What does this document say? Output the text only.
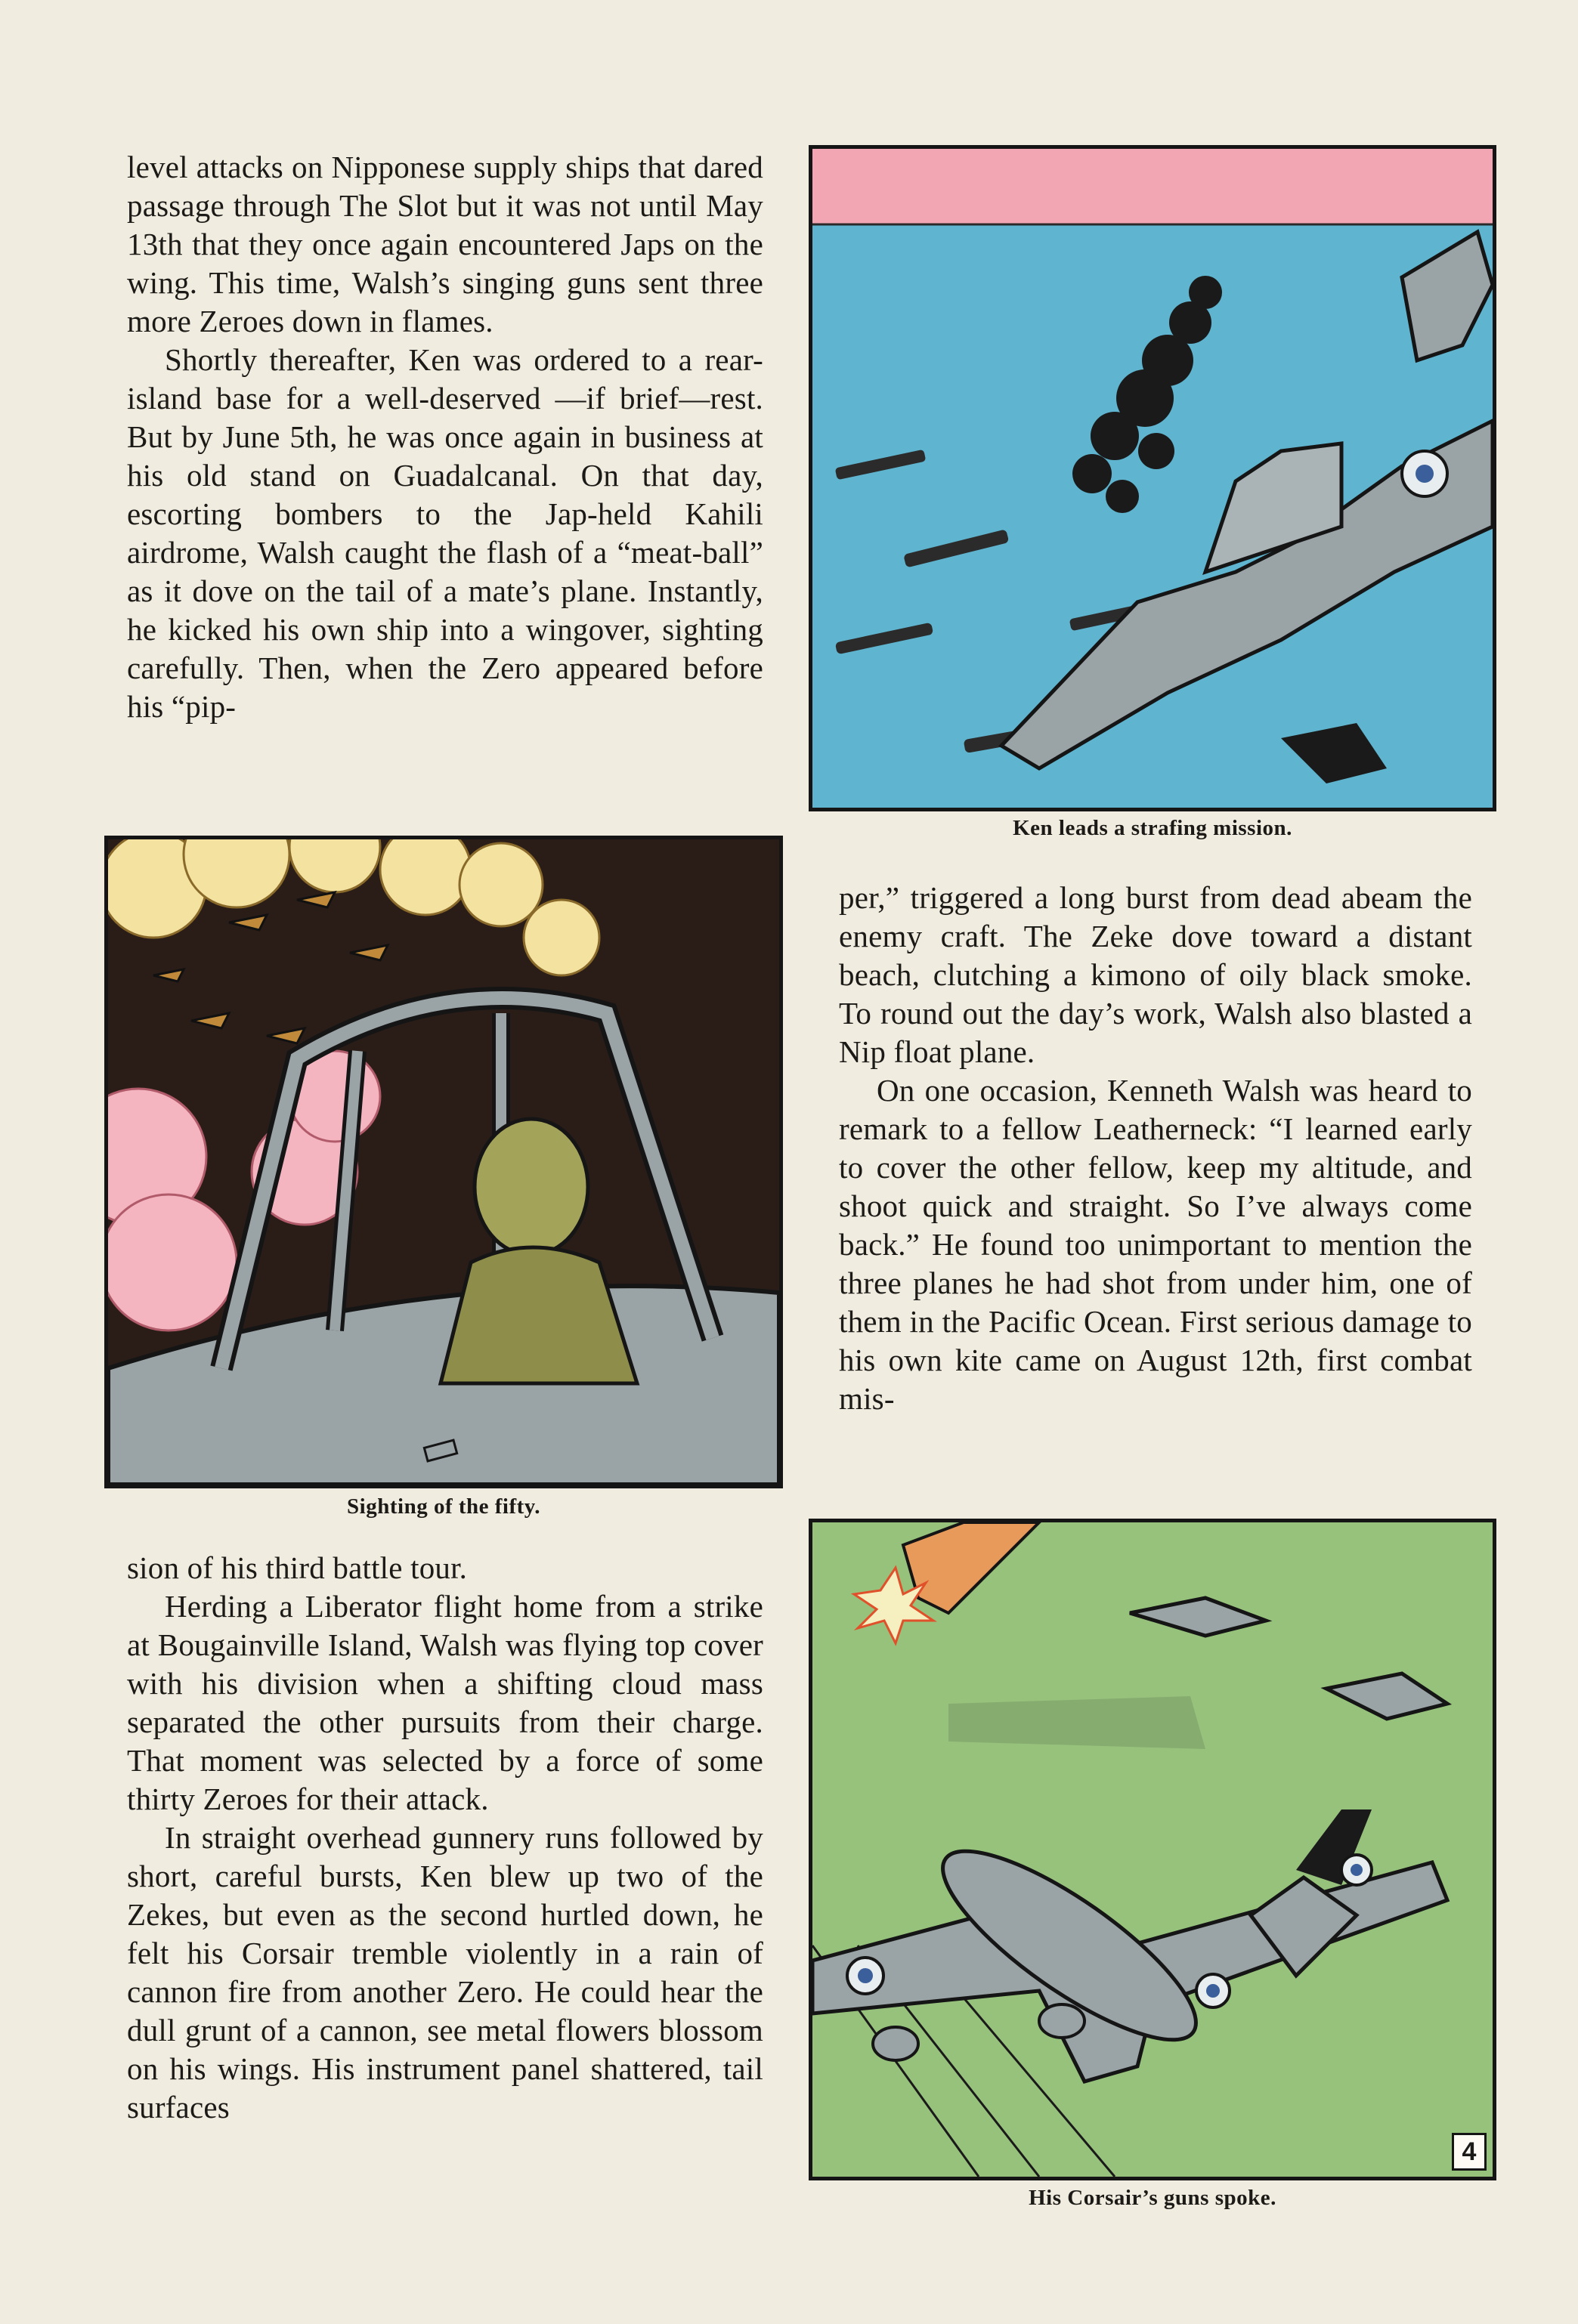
level attacks on Nipponese supply ships that dared passage through The Slot but it was not until May 13th that they once again encountered Japs on the wing. This time, Walsh’s singing guns sent three more Zeroes down in flames.

Shortly thereafter, Ken was ordered to a rear-island base for a well-deserved —if brief—rest. But by June 5th, he was once again in business at his old stand on Guadalcanal. On that day, escorting bombers to the Jap-held Kahili airdrome, Walsh caught the flash of a “meat-ball” as it dove on the tail of a mate’s plane. Instantly, he kicked his own ship into a wingover, sighting carefully. Then, when the Zero appeared before his “pip-

Ken leads a strafing mission.
Sighting of the fifty.

per,” triggered a long burst from dead abeam the enemy craft. The Zeke dove toward a distant beach, clutching a kimono of oily black smoke. To round out the day’s work, Walsh also blasted a Nip float plane.

On one occasion, Kenneth Walsh was heard to remark to a fellow Leatherneck: “I learned early to cover the other fellow, keep my altitude, and shoot quick and straight. So I’ve always come back.” He found too unimportant to mention the three planes he had shot from under him, one of them in the Pacific Ocean. First serious damage to his own kite came on August 12th, first combat mis-

sion of his third battle tour.

Herding a Liberator flight home from a strike at Bougainville Island, Walsh was flying top cover with his division when a shifting cloud mass separated the other pursuits from their charge. That moment was selected by a force of some thirty Zeroes for their attack.

In straight overhead gunnery runs followed by short, careful bursts, Ken blew up two of the Zekes, but even as the second hurtled down, he felt his Corsair tremble violently in a rain of cannon fire from another Zero. He could hear the dull grunt of a cannon, see metal flowers blossom on his wings. His instrument panel shattered, tail surfaces

4
His Corsair’s guns spoke.
